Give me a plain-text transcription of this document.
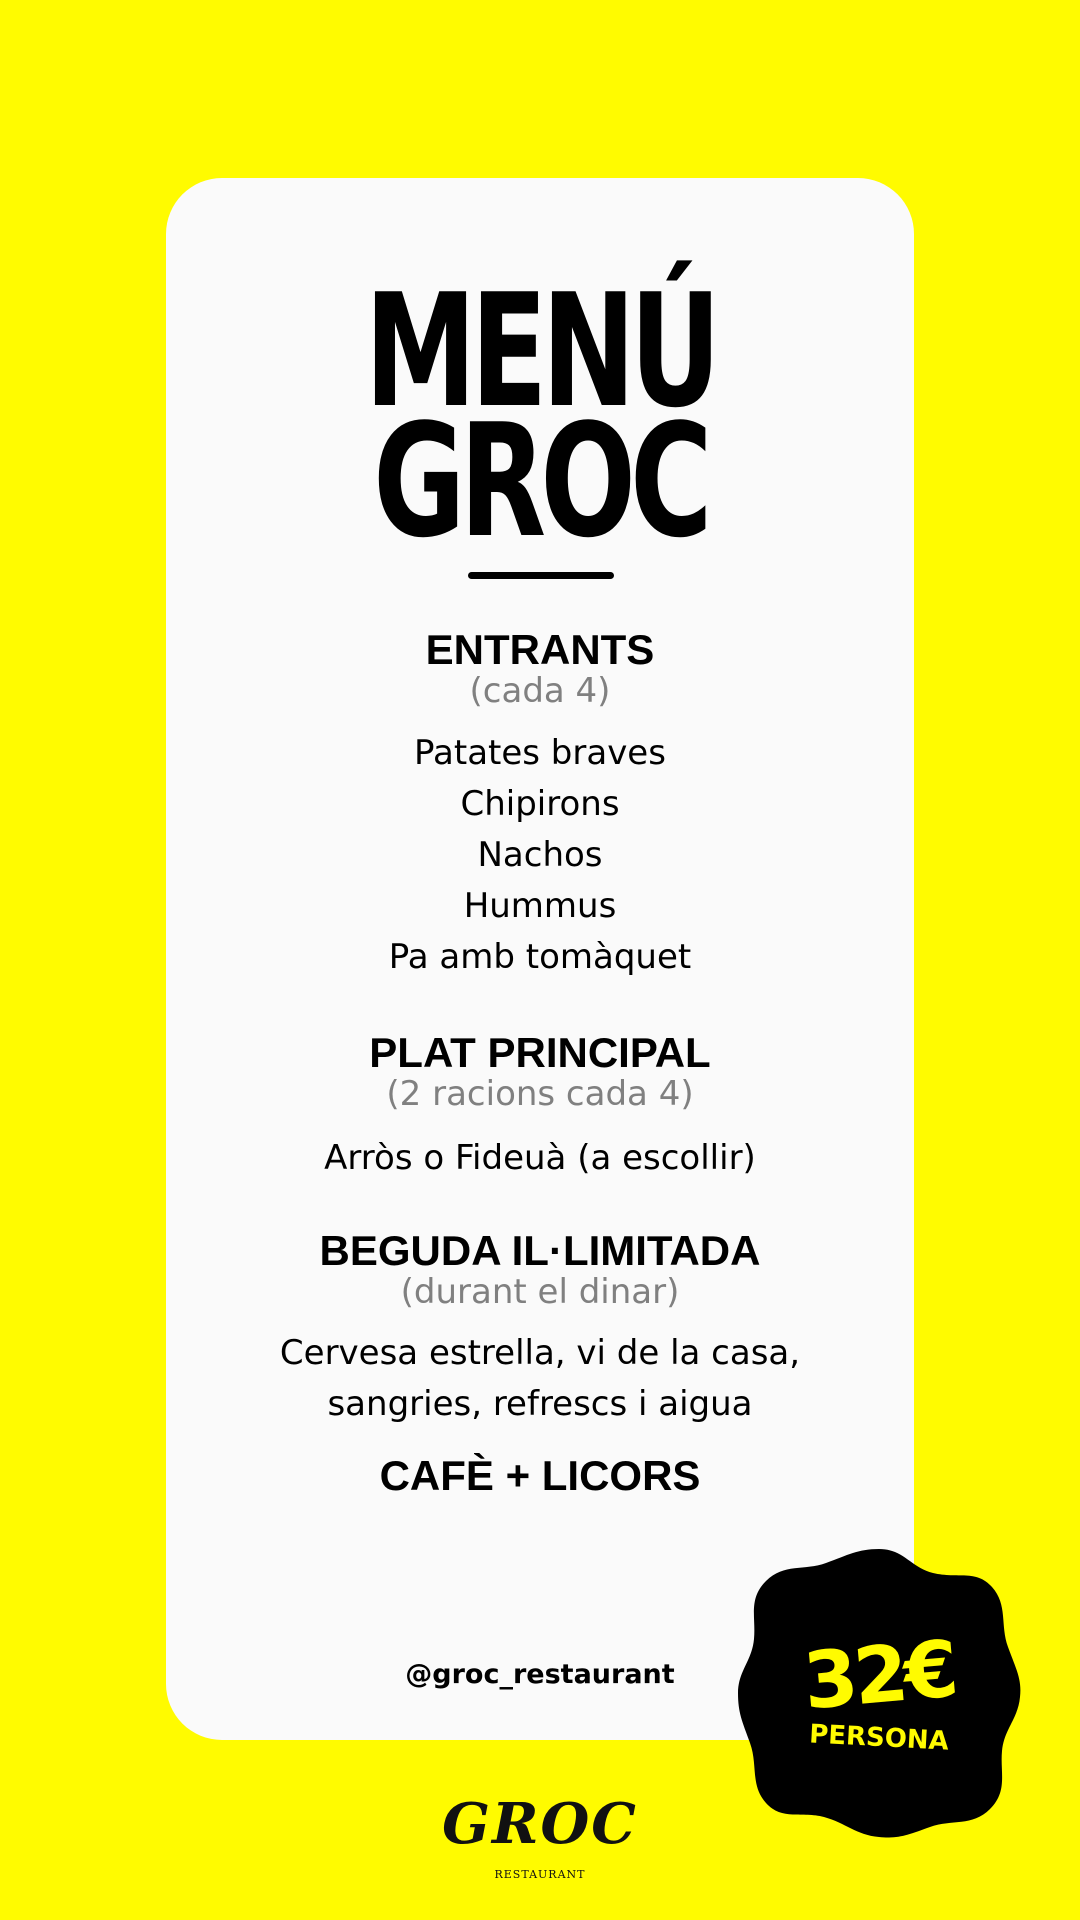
MENÚ
GROC
ENTRANTS
(cada 4)
Patates braves
Chipirons
Nachos
Hummus
Pa amb tomàquet
PLAT PRINCIPAL
(2 racions cada 4)
Arròs o Fideuà (a escollir)
BEGUDA IL·LIMITADA
(durant el dinar)
Cervesa estrella, vi de la casa,
sangries, refrescs i aigua
CAFÈ + LICORS
@groc_restaurant	32€
PERSONA
GROC
RESTAURANT
